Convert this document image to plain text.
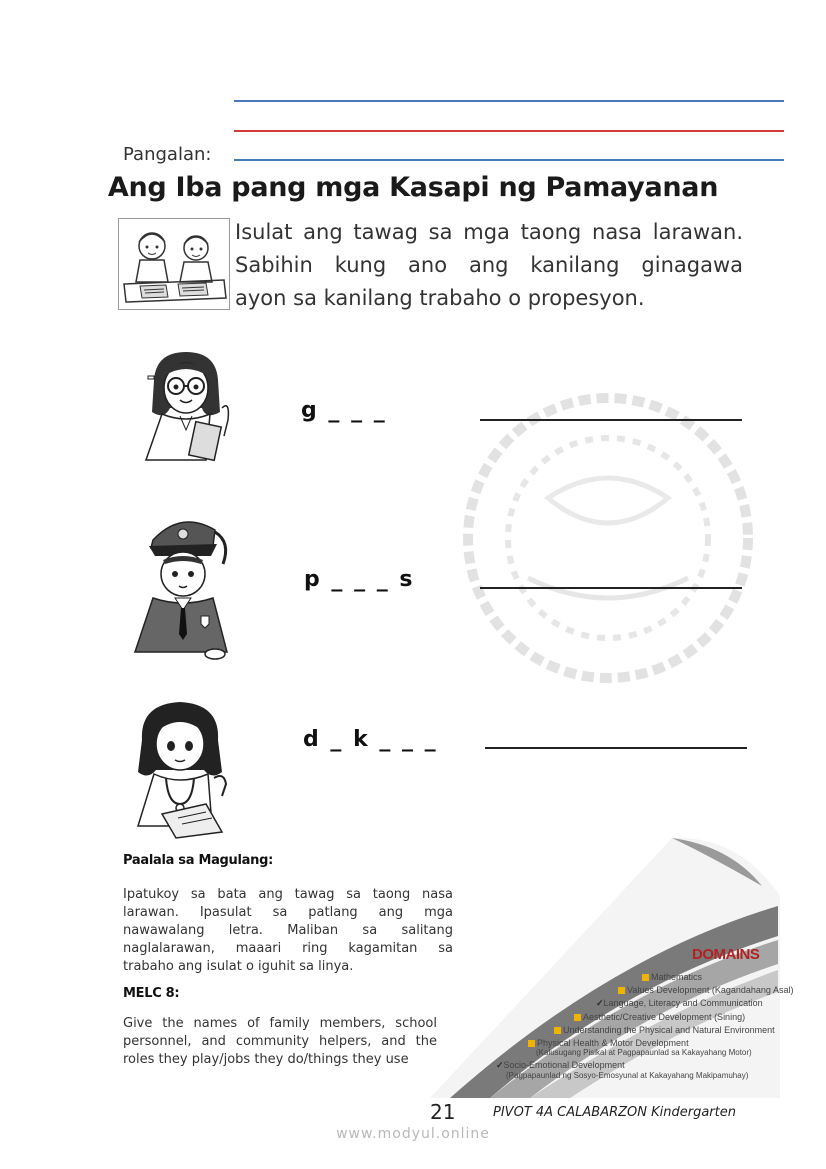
Pangalan:
Ang Iba pang mga Kasapi ng Pamayanan
Isulat ang tawag sa mga taong nasa larawan.
Sabihin kung ano ang kanilang ginagawa
ayon sa kanilang trabaho o propesyon.
g _ _ _
p _ _ _ s
d _ k _ _ _
Paalala sa Magulang:
Ipatukoy sa bata ang tawag sa taong nasa
larawan. Ipasulat sa patlang ang mga
nawawalang letra. Maliban sa salitang
naglalarawan, maaari ring kagamitan sa
trabaho ang isulat o iguhit sa linya.
MELC 8:
Give the names of family members, school
personnel, and community helpers, and the
roles they play/jobs they do/things they use
DOMAINS
Mathematics
Values Development (Kagandahang Asal)
✓Language, Literacy and Communication
Aesthetic/Creative Development (Sining)
Understanding the Physical and Natural Environment
Physical Health & Motor Development
(Kalusugang Pisikal at Pagpapaunlad sa Kakayahang Motor)
✓Socio-Emotional Development
(Pagpapaunlad ng Sosyo-Emosyunal at Kakayahang Makipamuhay)
21	PIVOT 4A CALABARZON Kindergarten
www.modyul.online
